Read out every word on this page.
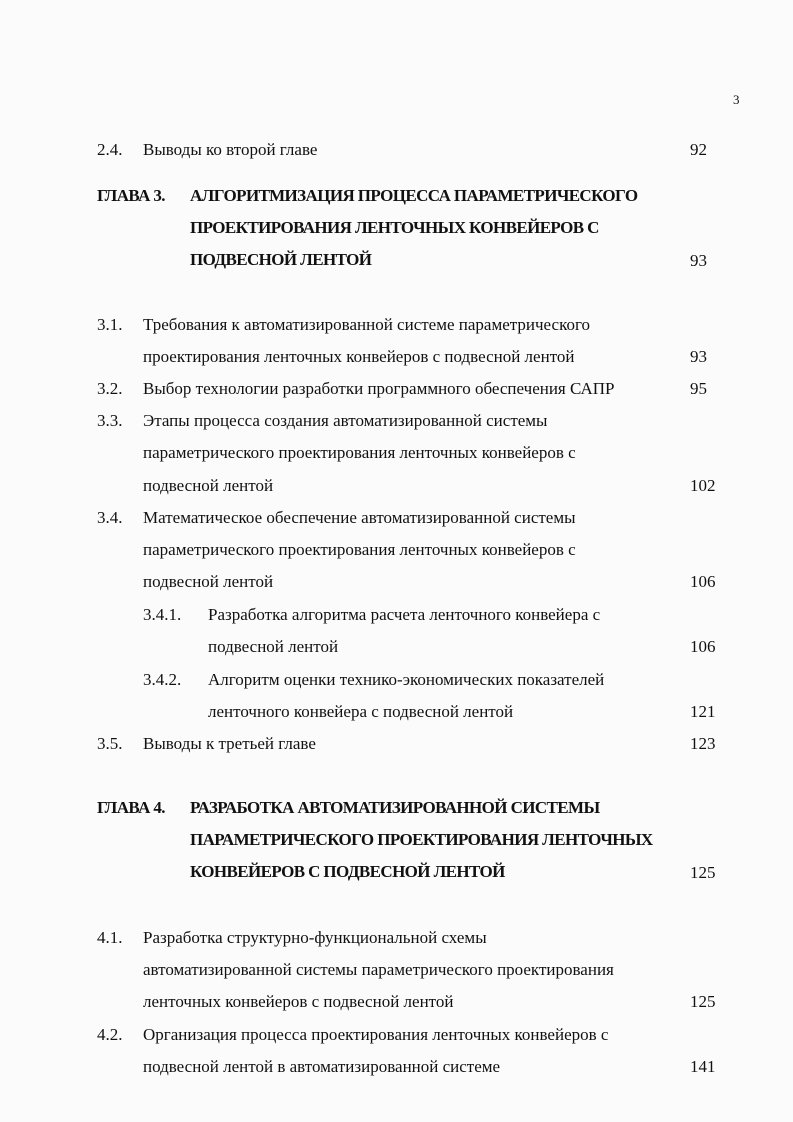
3
2.4. Выводы ко второй главе	92
ГЛАВА 3. АЛГОРИТМИЗАЦИЯ ПРОЦЕССА ПАРАМЕТРИЧЕСКОГО
ПРОЕКТИРОВАНИЯ ЛЕНТОЧНЫХ КОНВЕЙЕРОВ С
ПОДВЕСНОЙ ЛЕНТОЙ	93
3.1. Требования к автоматизированной системе параметрического
проектирования ленточных конвейеров с подвесной лентой	93
3.2. Выбор технологии разработки программного обеспечения САПР	95
3.3. Этапы процесса создания автоматизированной системы
параметрического проектирования ленточных конвейеров с
подвесной лентой	102
3.4. Математическое обеспечение автоматизированной системы
параметрического проектирования ленточных конвейеров с
подвесной лентой	106
3.4.1. Разработка алгоритма расчета ленточного конвейера с
подвесной лентой	106
3.4.2. Алгоритм оценки технико-экономических показателей
ленточного конвейера с подвесной лентой	121
3.5. Выводы к третьей главе	123
ГЛАВА 4. РАЗРАБОТКА АВТОМАТИЗИРОВАННОЙ СИСТЕМЫ
ПАРАМЕТРИЧЕСКОГО ПРОЕКТИРОВАНИЯ ЛЕНТОЧНЫХ
КОНВЕЙЕРОВ С ПОДВЕСНОЙ ЛЕНТОЙ	125
4.1. Разработка структурно-функциональной схемы
автоматизированной системы параметрического проектирования
ленточных конвейеров с подвесной лентой	125
4.2. Организация процесса проектирования ленточных конвейеров с
подвесной лентой в автоматизированной системе	141
